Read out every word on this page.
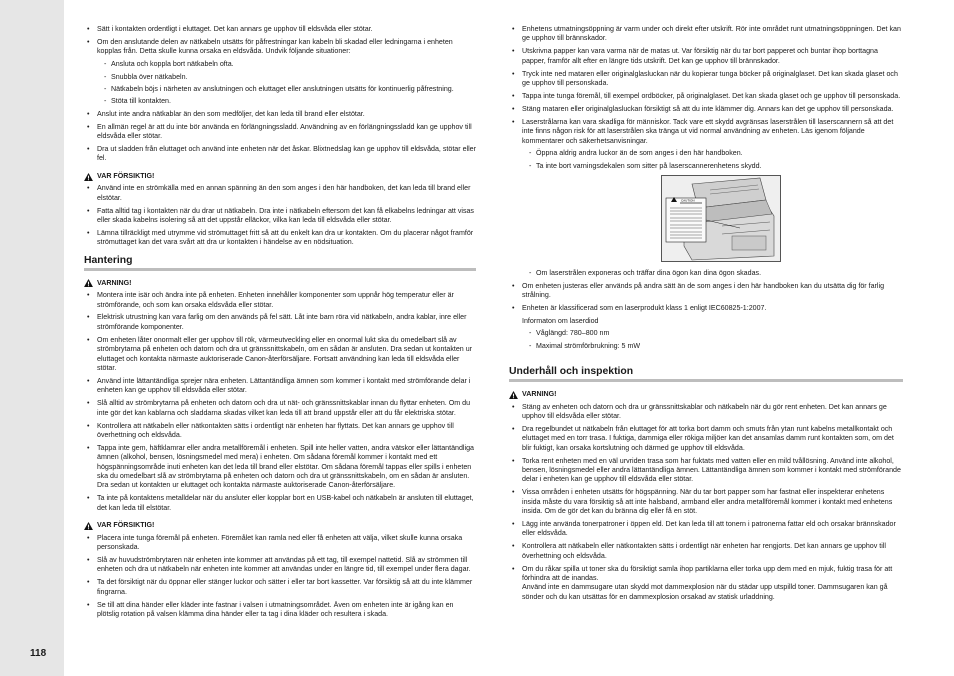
118
• Sätt i kontakten ordentligt i eluttaget. Det kan annars ge upphov till eldsvåda eller stötar.
• Om den anslutande delen av nätkabeln utsätts för påfrestningar kan kabeln bli skadad eller ledningarna i enheten kopplas från. Detta skulle kunna orsaka en eldsvåda. Undvik följande situationer:
- Ansluta och koppla bort nätkabeln ofta.
- Snubbla över nätkabeln.
- Nätkabeln böjs i närheten av anslutningen och eluttaget eller anslutningen utsätts för kontinuerlig påfrestning.
- Stöta till kontakten.
• Anslut inte andra nätkablar än den som medföljer, det kan leda till brand eller elstötar.
• En allmän regel är att du inte bör använda en förlängningssladd. Användning av en förlängningssladd kan ge upphov till eldsvåda eller stötar.
• Dra ut sladden från eluttaget och använd inte enheten när det åskar. Blixtnedslag kan ge upphov till eldsvåda, stötar eller fel.
VAR FÖRSIKTIG!
• Använd inte en strömkälla med en annan spänning än den som anges i den här handboken, det kan leda till brand eller elstötar.
• Fatta alltid tag i kontakten när du drar ut nätkabeln. Dra inte i nätkabeln eftersom det kan få elkabelns ledningar att visas eller skada kabelns isolering så att det uppstår elläckor, vilka kan leda till eldsvåda eller stötar.
• Lämna tillräckligt med utrymme vid strömuttaget fritt så att du enkelt kan dra ur kontakten. Om du placerar något framför strömuttaget kan det vara svårt att dra ur kontakten i händelse av en nödsituation.
Hantering
VARNING!
• Montera inte isär och ändra inte på enheten. Enheten innehåller komponenter som uppnår hög temperatur eller är strömförande, och som kan orsaka eldsvåda eller stötar.
• Elektrisk utrustning kan vara farlig om den används på fel sätt. Låt inte barn röra vid nätkabeln, andra kablar, inre eller strömförande komponenter.
• Om enheten låter onormalt eller ger upphov till rök, värmeutveckling eller en onormal lukt ska du omedelbart slå av strömbrytarna på enheten och datorn och dra ut gränssnittskabeln, om en sådan är ansluten. Dra sedan ut kontakten ur eluttaget och kontakta närmaste auktoriserade Canon-återförsäljare. Fortsatt användning kan leda till eldsvåda eller stötar.
• Använd inte lättantändliga sprejer nära enheten. Lättantändliga ämnen som kommer i kontakt med strömförande delar i enheten kan ge upphov till eldsvåda eller stötar.
• Slå alltid av strömbrytarna på enheten och datorn och dra ut nät- och gränssnittskablar innan du flyttar enheten. Om du inte gör det kan kablarna och sladdarna skadas vilket kan leda till att brand uppstår eller att du får elektriska stötar.
• Kontrollera att nätkabeln eller nätkontakten sätts i ordentligt när enheten har flyttats. Det kan annars ge upphov till överhettning och eldsvåda.
• Tappa inte gem, häftklamrar eller andra metallföremål i enheten. Spill inte heller vatten, andra vätskor eller lättantändliga ämnen (alkohol, bensen, lösningsmedel med mera) i enheten. Om sådana föremål kommer i kontakt med ett högspänningsområde inuti enheten kan det leda till brand eller elstötar. Om sådana föremål tappas eller spills i enheten ska du omedelbart slå av strömbrytarna på enheten och datorn och dra ut gränssnittskabeln, om en sådan är ansluten. Dra sedan ut kontakten ur eluttaget och kontakta närmaste auktoriserade Canon-återförsäljare.
• Ta inte på kontaktens metalldelar när du ansluter eller kopplar bort en USB-kabel och nätkabeln är ansluten till eluttaget, det kan leda till elstötar.
VAR FÖRSIKTIG!
• Placera inte tunga föremål på enheten. Föremålet kan ramla ned eller få enheten att välja, vilket skulle kunna orsaka personskada.
• Slå av huvudströmbrytaren när enheten inte kommer att användas på ett tag, till exempel nattetid. Slå av strömmen till enheten och dra ut nätkabeln när enheten inte kommer att användas under en längre tid, till exempel under flera dagar.
• Ta det försiktigt när du öppnar eller stänger luckor och sätter i eller tar bort kassetter. Var försiktig så att du inte klämmer fingrarna.
• Se till att dina händer eller kläder inte fastnar i valsen i utmatningsområdet. Även om enheten inte är igång kan en plötslig rotation på valsen klämma dina händer eller ta tag i dina kläder och resultera i skada.
• Enhetens utmatningsöppning är varm under och direkt efter utskrift. Rör inte området runt utmatningsöppningen. Det kan ge upphov till brännskador.
• Utskrivna papper kan vara varma när de matas ut. Var försiktig när du tar bort papperet och buntar ihop borttagna papper, framför allt efter en längre tids utskrift. Det kan ge upphov till brännskador.
• Tryck inte ned mataren eller originalglasluckan när du kopierar tunga böcker på originalglaset. Det kan skada glaset och ge upphov till personskada.
• Tappa inte tunga föremål, till exempel ordböcker, på originalglaset. Det kan skada glaset och ge upphov till personskada.
• Stäng mataren eller originalglasluckan försiktigt så att du inte klämmer dig. Annars kan det ge upphov till personskada.
• Laserstrålarna kan vara skadliga för människor. Tack vare ett skydd avgränsas laserstrålen till laserscannern så att det inte finns någon risk för att laserstrålen ska tränga ut vid normal användning av enheten. Läs igenom följande kommentarer och säkerhetsanvisningar.
- Öppna aldrig andra luckor än de som anges i den här handboken.
- Ta inte bort varningsdekalen som sitter på laserscannerenhetens skydd.
CAUTION
- Om laserstrålen exponeras och träffar dina ögon kan dina ögon skadas.
• Om enheten justeras eller används på andra sätt än de som anges i den här handboken kan du utsätta dig för farlig strålning.
• Enheten är klassificerad som en laserprodukt klass 1 enligt IEC60825-1:2007.
Informaton om laserdiod
- Våglängd: 780–800 nm
- Maximal strömförbrukning: 5 mW
Underhåll och inspektion
VARNING!
• Stäng av enheten och datorn och dra ur gränssnittskablar och nätkabeln när du gör rent enheten. Det kan annars ge upphov till eldsvåda eller stötar.
• Dra regelbundet ut nätkabeln från eluttaget för att torka bort damm och smuts från ytan runt kabelns metallkontakt och eluttaget med en torr trasa. I fuktiga, dammiga eller rökiga miljöer kan det ansamlas damm runt kontakten som, om det blir fuktigt, kan orsaka kortslutning och därmed ge upphov till eldsvåda.
• Torka rent enheten med en väl urvriden trasa som har fuktats med vatten eller en mild tvållösning. Använd inte alkohol, bensen, lösningsmedel eller andra lättantändliga ämnen. Lättantändliga ämnen som kommer i kontakt med strömförande delar i enheten kan ge upphov till eldsvåda eller stötar.
• Vissa områden i enheten utsätts för högspänning. När du tar bort papper som har fastnat eller inspekterar enhetens insida måste du vara försiktig så att inte halsband, armband eller andra metallföremål kommer i kontakt med enhetens insida. Om de gör det kan du bränna dig eller få en stöt.
• Lägg inte använda tonerpatroner i öppen eld. Det kan leda till att tonern i patronerna fattar eld och orsakar brännskador eller eldsvåda.
• Kontrollera att nätkabeln eller nätkontakten sätts i ordentligt när enheten har rengjorts. Det kan annars ge upphov till överhettning och eldsvåda.
• Om du råkar spilla ut toner ska du försiktigt samla ihop partiklarna eller torka upp dem med en mjuk, fuktig trasa för att förhindra att de inandas.
Använd inte en dammsugare utan skydd mot dammexplosion när du städar upp utspilld toner. Dammsugaren kan gå sönder och du kan utsättas för en dammexplosion orsakad av statisk urladdning.
